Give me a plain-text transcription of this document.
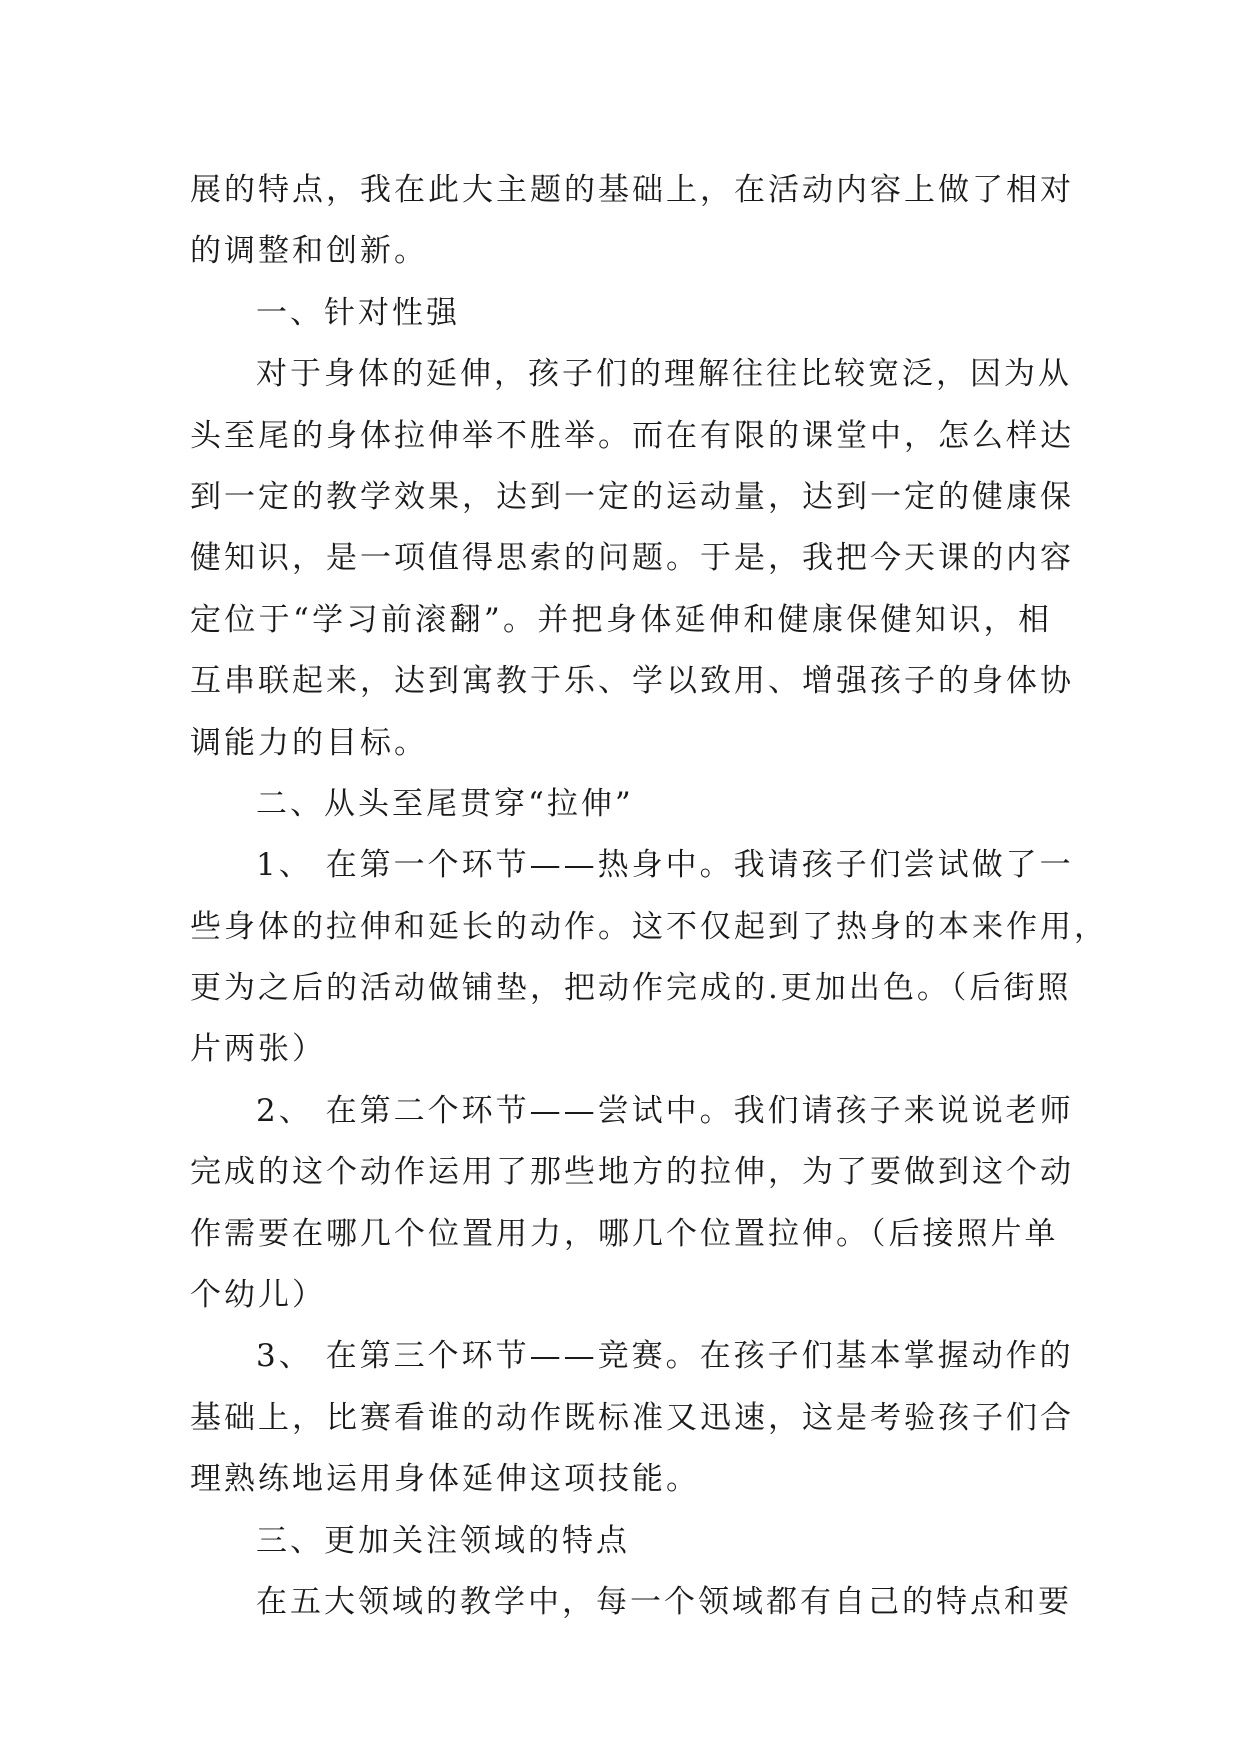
展的特点，我在此大主题的基础上，在活动内容上做了相对
的调整和创新。
一、针对性强
对于身体的延伸，孩子们的理解往往比较宽泛，因为从
头至尾的身体拉伸举不胜举。而在有限的课堂中，怎么样达
到一定的教学效果，达到一定的运动量，达到一定的健康保
健知识，是一项值得思索的问题。于是，我把今天课的内容
定位于“学习前滚翻”。并把身体延伸和健康保健知识，相
互串联起来，达到寓教于乐、学以致用、增强孩子的身体协
调能力的目标。
二、从头至尾贯穿“拉伸”
1、 在第一个环节——热身中。我请孩子们尝试做了一
些身体的拉伸和延长的动作。这不仅起到了热身的本来作用，
更为之后的活动做铺垫，把动作完成的.更加出色。（后街照
片两张）
2、 在第二个环节——尝试中。我们请孩子来说说老师
完成的这个动作运用了那些地方的拉伸，为了要做到这个动
作需要在哪几个位置用力，哪几个位置拉伸。（后接照片单
个幼儿）
3、 在第三个环节——竞赛。在孩子们基本掌握动作的
基础上，比赛看谁的动作既标准又迅速，这是考验孩子们合
理熟练地运用身体延伸这项技能。
三、更加关注领域的特点
在五大领域的教学中，每一个领域都有自己的特点和要
